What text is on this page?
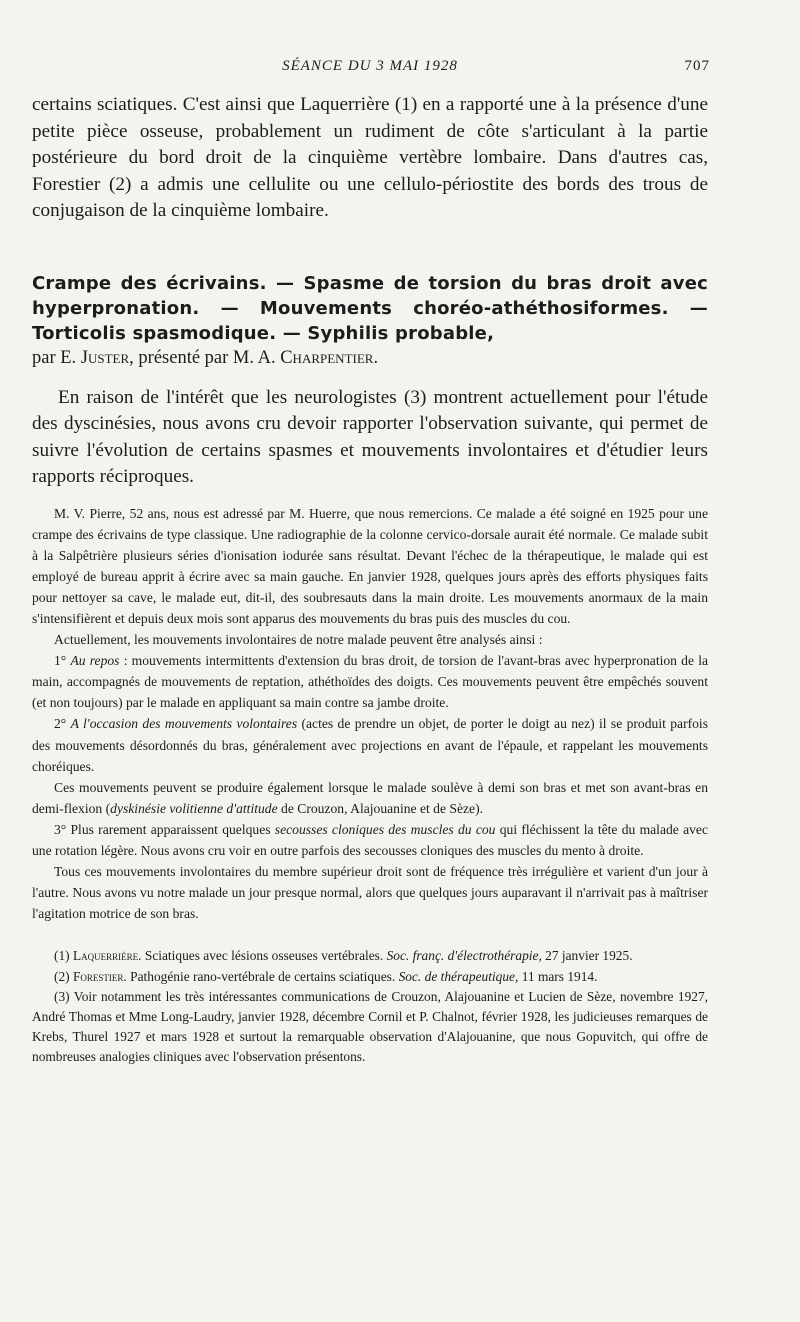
SÉANCE DU 3 MAI 1928	707

certains sciatiques. C'est ainsi que Laquerrière (1) en a rapporté une à la présence d'une petite pièce osseuse, probablement un rudiment de côte s'articulant à la partie postérieure du bord droit de la cinquième vertèbre lombaire. Dans d'autres cas, Forestier (2) a admis une cellulite ou une cellulo-périostite des bords des trous de conjugaison de la cinquième lombaire.

Crampe des écrivains. — Spasme de torsion du bras droit avec hyperpronation. — Mouvements choréo-athéthosiformes. — Torticolis spasmodique. — Syphilis probable,

par E. Juster, présenté par M. A. Charpentier.

En raison de l'intérêt que les neurologistes (3) montrent actuellement pour l'étude des dyscinésies, nous avons cru devoir rapporter l'observation suivante, qui permet de suivre l'évolution de certains spasmes et mouvements involontaires et d'étudier leurs rapports réciproques.

M. V. Pierre, 52 ans, nous est adressé par M. Huerre, que nous remercions. Ce malade a été soigné en 1925 pour une crampe des écrivains de type classique. Une radiographie de la colonne cervico-dorsale aurait été normale. Ce malade subit à la Salpêtrière plusieurs séries d'ionisation iodurée sans résultat. Devant l'échec de la thérapeutique, le malade qui est employé de bureau apprit à écrire avec sa main gauche. En janvier 1928, quelques jours après des efforts physiques faits pour nettoyer sa cave, le malade eut, dit-il, des soubresauts dans la main droite. Les mouvements anormaux de la main s'intensifièrent et depuis deux mois sont apparus des mouvements du bras puis des muscles du cou.

Actuellement, les mouvements involontaires de notre malade peuvent être analysés ainsi :

1° Au repos : mouvements intermittents d'extension du bras droit, de torsion de l'avant-bras avec hyperpronation de la main, accompagnés de mouvements de reptation, athéthoïdes des doigts. Ces mouvements peuvent être empêchés souvent (et non toujours) par le malade en appliquant sa main contre sa jambe droite.

2° A l'occasion des mouvements volontaires (actes de prendre un objet, de porter le doigt au nez) il se produit parfois des mouvements désordonnés du bras, généralement avec projections en avant de l'épaule, et rappelant les mouvements choréiques.

Ces mouvements peuvent se produire également lorsque le malade soulève à demi son bras et met son avant-bras en demi-flexion (dyskinésie volitienne d'attitude de Crouzon, Alajouanine et de Sèze).

3° Plus rarement apparaissent quelques secousses cloniques des muscles du cou qui fléchissent la tête du malade avec une rotation légère. Nous avons cru voir en outre parfois des secousses cloniques des muscles du mento à droite.

Tous ces mouvements involontaires du membre supérieur droit sont de fréquence très irrégulière et varient d'un jour à l'autre. Nous avons vu notre malade un jour presque normal, alors que quelques jours auparavant il n'arrivait pas à maîtriser l'agitation motrice de son bras.

(1) Laquerrière. Sciatiques avec lésions osseuses vertébrales. Soc. franç. d'électrothérapie, 27 janvier 1925.

(2) Forestier. Pathogénie rano-vertébrale de certains sciatiques. Soc. de thérapeutique, 11 mars 1914.

(3) Voir notamment les très intéressantes communications de Crouzon, Alajouanine et Lucien de Sèze, novembre 1927, André Thomas et Mme Long-Laudry, janvier 1928, décembre Cornil et P. Chalnot, février 1928, les judicieuses remarques de Krebs, Thurel 1927 et mars 1928 et surtout la remarquable observation d'Alajouanine, que nous Gopuvitch, qui offre de nombreuses analogies cliniques avec l'observation présentons.
